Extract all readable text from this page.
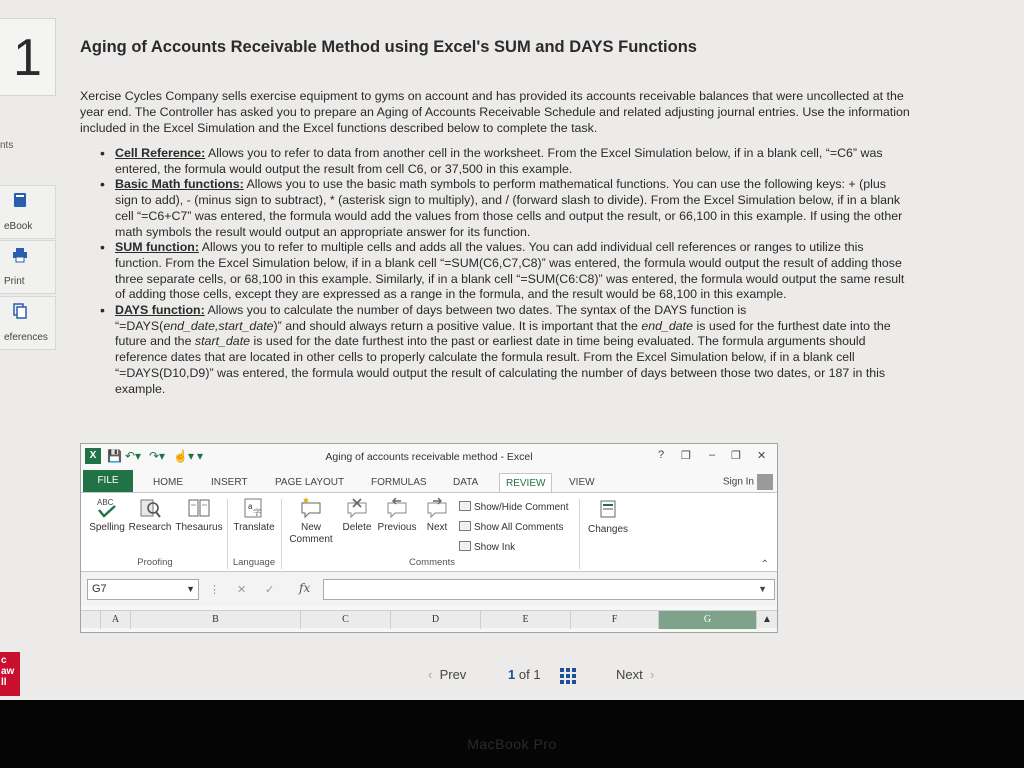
1
nts
eBook
Print
eferences
c
aw
ll
Aging of Accounts Receivable Method using Excel's SUM and DAYS Functions
Xercise Cycles Company sells exercise equipment to gyms on account and has provided its accounts receivable balances that were uncollected at the year end. The Controller has asked you to prepare an Aging of Accounts Receivable Schedule and related adjusting journal entries. Use the information included in the Excel Simulation and the Excel functions described below to complete the task.
• Cell Reference: Allows you to refer to data from another cell in the worksheet. From the Excel Simulation below, if in a blank cell, “=C6” was entered, the formula would output the result from cell C6, or 37,500 in this example.
• Basic Math functions: Allows you to use the basic math symbols to perform mathematical functions. You can use the following keys: + (plus sign to add), - (minus sign to subtract), * (asterisk sign to multiply), and / (forward slash to divide). From the Excel Simulation below, if in a blank cell “=C6+C7” was entered, the formula would add the values from those cells and output the result, or 66,100 in this example. If using the other math symbols the result would output an appropriate answer for its function.
• SUM function: Allows you to refer to multiple cells and adds all the values. You can add individual cell references or ranges to utilize this function. From the Excel Simulation below, if in a blank cell “=SUM(C6,C7,C8)” was entered, the formula would output the result of adding those three separate cells, or 68,100 in this example. Similarly, if in a blank cell “=SUM(C6:C8)” was entered, the formula would output the same result of adding those cells, except they are expressed as a range in the formula, and the result would be 68,100 in this example.
• DAYS function: Allows you to calculate the number of days between two dates. The syntax of the DAYS function is “=DAYS(end_date,start_date)” and should always return a positive value. It is important that the end_date is used for the furthest date into the future and the start_date is used for the date furthest into the past or earliest date in time being evaluated. The formula arguments should reference dates that are located in other cells to properly calculate the formula result. From the Excel Simulation below, if in a blank cell “=DAYS(D10,D9)” was entered, the formula would output the result of calculating the number of days between those two dates, or 187 in this example.
X 💾 ↶▾ ↷▾ ☝▾ ▾	Aging of accounts receivable method - Excel	? ❒ – ❐ ✕
FILE	HOME	INSERT	PAGE LAYOUT	FORMULAS	DATA	REVIEW	VIEW	Sign In
ABC
Spelling Research Thesaurus
Proofing
a
字
Translate
Language
✱
New Comment
Delete Previous	Next
Show/Hide Comment
Show All Comments
Show Ink
Comments
Changes
⌃
G7	▼ ⋮ ✕ ✓ fx	▼
A	B	C	D	E	F	G	▲
‹ Prev	1 of 1	Next ›
MacBook Pro
